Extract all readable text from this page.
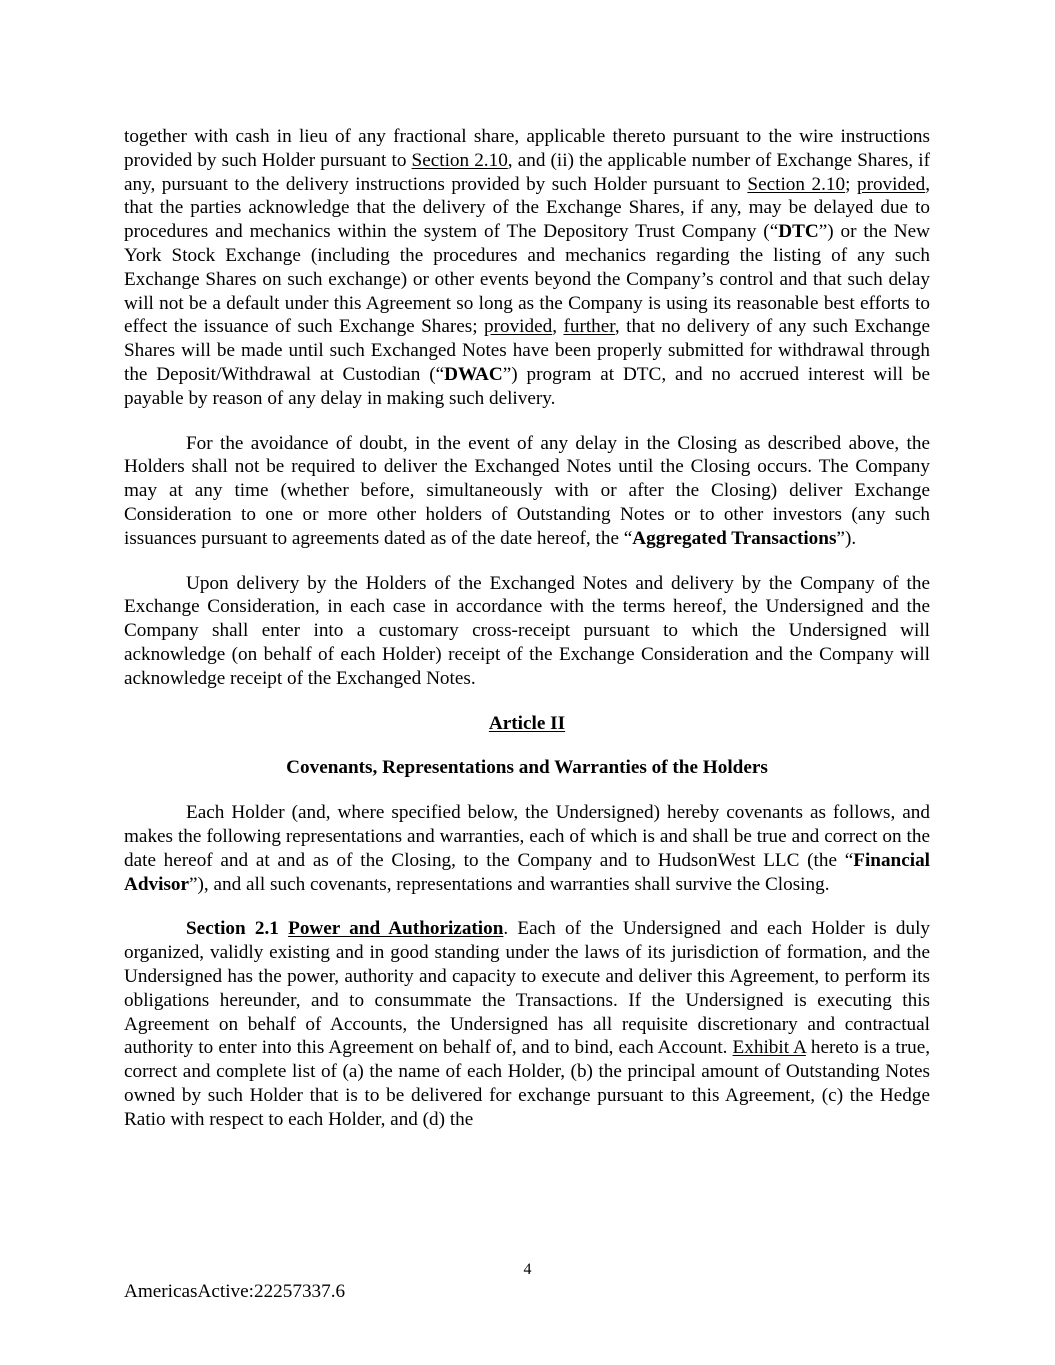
together with cash in lieu of any fractional share, applicable thereto pursuant to the wire instructions provided by such Holder pursuant to Section 2.10, and (ii) the applicable number of Exchange Shares, if any, pursuant to the delivery instructions provided by such Holder pursuant to Section 2.10; provided, that the parties acknowledge that the delivery of the Exchange Shares, if any, may be delayed due to procedures and mechanics within the system of The Depository Trust Company (“DTC”) or the New York Stock Exchange (including the procedures and mechanics regarding the listing of any such Exchange Shares on such exchange) or other events beyond the Company’s control and that such delay will not be a default under this Agreement so long as the Company is using its reasonable best efforts to effect the issuance of such Exchange Shares; provided, further, that no delivery of any such Exchange Shares will be made until such Exchanged Notes have been properly submitted for withdrawal through the Deposit/Withdrawal at Custodian (“DWAC”) program at DTC, and no accrued interest will be payable by reason of any delay in making such delivery.

For the avoidance of doubt, in the event of any delay in the Closing as described above, the Holders shall not be required to deliver the Exchanged Notes until the Closing occurs. The Company may at any time (whether before, simultaneously with or after the Closing) deliver Exchange Consideration to one or more other holders of Outstanding Notes or to other investors (any such issuances pursuant to agreements dated as of the date hereof, the “Aggregated Transactions”).

Upon delivery by the Holders of the Exchanged Notes and delivery by the Company of the Exchange Consideration, in each case in accordance with the terms hereof, the Undersigned and the Company shall enter into a customary cross-receipt pursuant to which the Undersigned will acknowledge (on behalf of each Holder) receipt of the Exchange Consideration and the Company will acknowledge receipt of the Exchanged Notes.

Article II

Covenants, Representations and Warranties of the Holders

Each Holder (and, where specified below, the Undersigned) hereby covenants as follows, and makes the following representations and warranties, each of which is and shall be true and correct on the date hereof and at and as of the Closing, to the Company and to HudsonWest LLC (the “Financial Advisor”), and all such covenants, representations and warranties shall survive the Closing.

Section 2.1 Power and Authorization. Each of the Undersigned and each Holder is duly organized, validly existing and in good standing under the laws of its jurisdiction of formation, and the Undersigned has the power, authority and capacity to execute and deliver this Agreement, to perform its obligations hereunder, and to consummate the Transactions. If the Undersigned is executing this Agreement on behalf of Accounts, the Undersigned has all requisite discretionary and contractual authority to enter into this Agreement on behalf of, and to bind, each Account. Exhibit A hereto is a true, correct and complete list of (a) the name of each Holder, (b) the principal amount of Outstanding Notes owned by such Holder that is to be delivered for exchange pursuant to this Agreement, (c) the Hedge Ratio with respect to each Holder, and (d) the

4
AmericasActive:22257337.6
